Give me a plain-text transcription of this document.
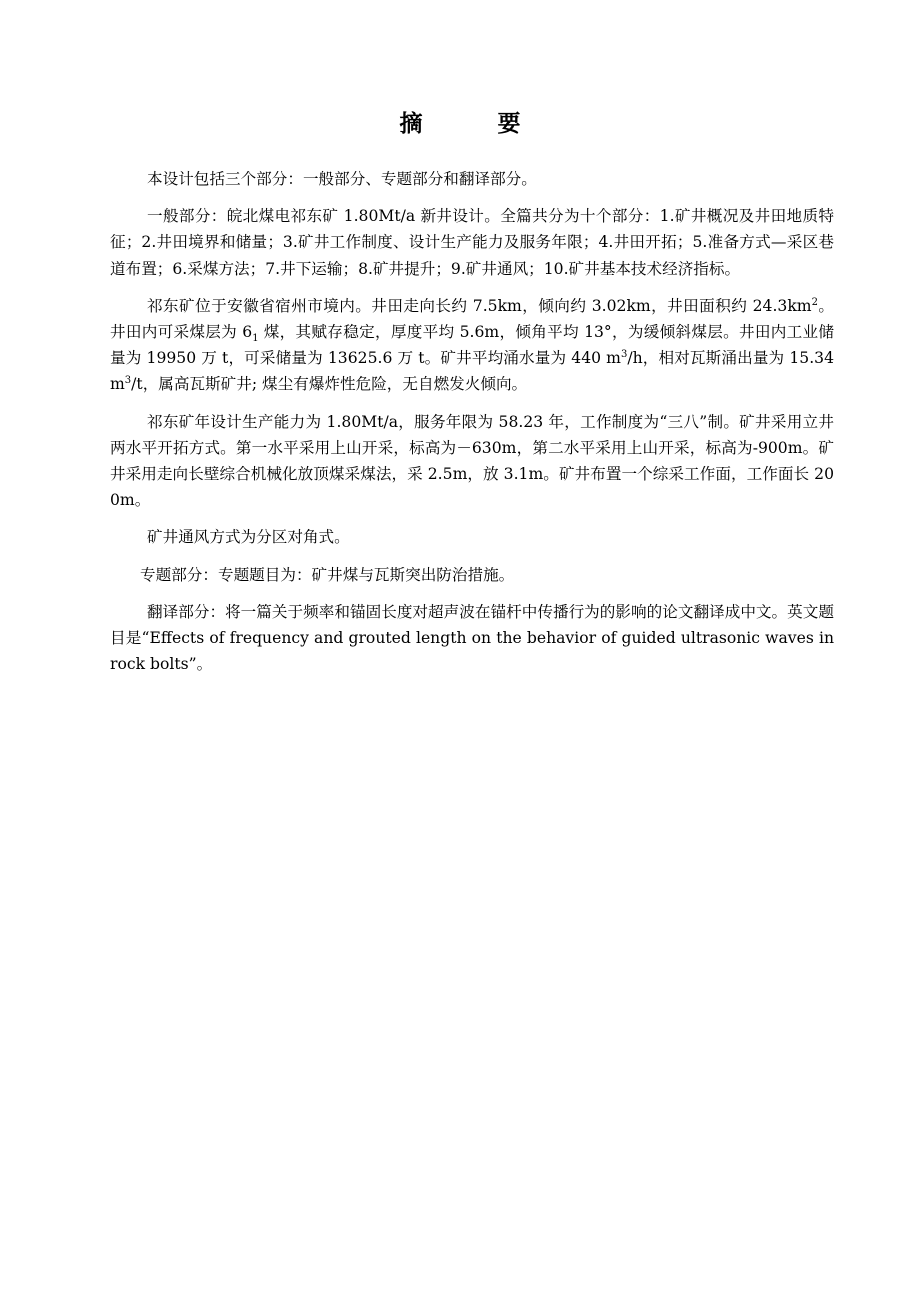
摘　要

本设计包括三个部分：一般部分、专题部分和翻译部分。

一般部分：皖北煤电祁东矿 1.80Mt/a 新井设计。全篇共分为十个部分：1.矿井概况及井田地质特征；2.井田境界和储量；3.矿井工作制度、设计生产能力及服务年限；4.井田开拓；5.准备方式—采区巷道布置；6.采煤方法；7.井下运输；8.矿井提升；9.矿井通风；10.矿井基本技术经济指标。

祁东矿位于安徽省宿州市境内。井田走向长约 7.5km，倾向约 3.02km，井田面积约 $24.3km^2$。 井田内可采煤层为 $6_1$ 煤，其赋存稳定，厚度平均 5.6m，倾角平均 13°，为缓倾斜煤层。井田内工业储量为 19950 万 t，可采储量为 13625.6 万 t。矿井平均涌水量为 440 $m^3/h$，相对瓦斯涌出量为 $15.34m^3/t$，属高瓦斯矿井; 煤尘有爆炸性危险，无自燃发火倾向。

祁东矿年设计生产能力为 1.80Mt/a，服务年限为 58.23 年，工作制度为“三八”制。矿井采用立井两水平开拓方式。第一水平采用上山开采，标高为－630m，第二水平采用上山开采，标高为-900m。矿井采用走向长壁综合机械化放顶煤采煤法，采 2.5m，放 3.1m。矿井布置一个综采工作面，工作面长 200m。

矿井通风方式为分区对角式。

专题部分：专题题目为：矿井煤与瓦斯突出防治措施。

翻译部分：将一篇关于频率和锚固长度对超声波在锚杆中传播行为的影响的论文翻译成中文。英文题目是“Effects of frequency and grouted length on the behavior of guided ultrasonic waves in rock bolts”。
